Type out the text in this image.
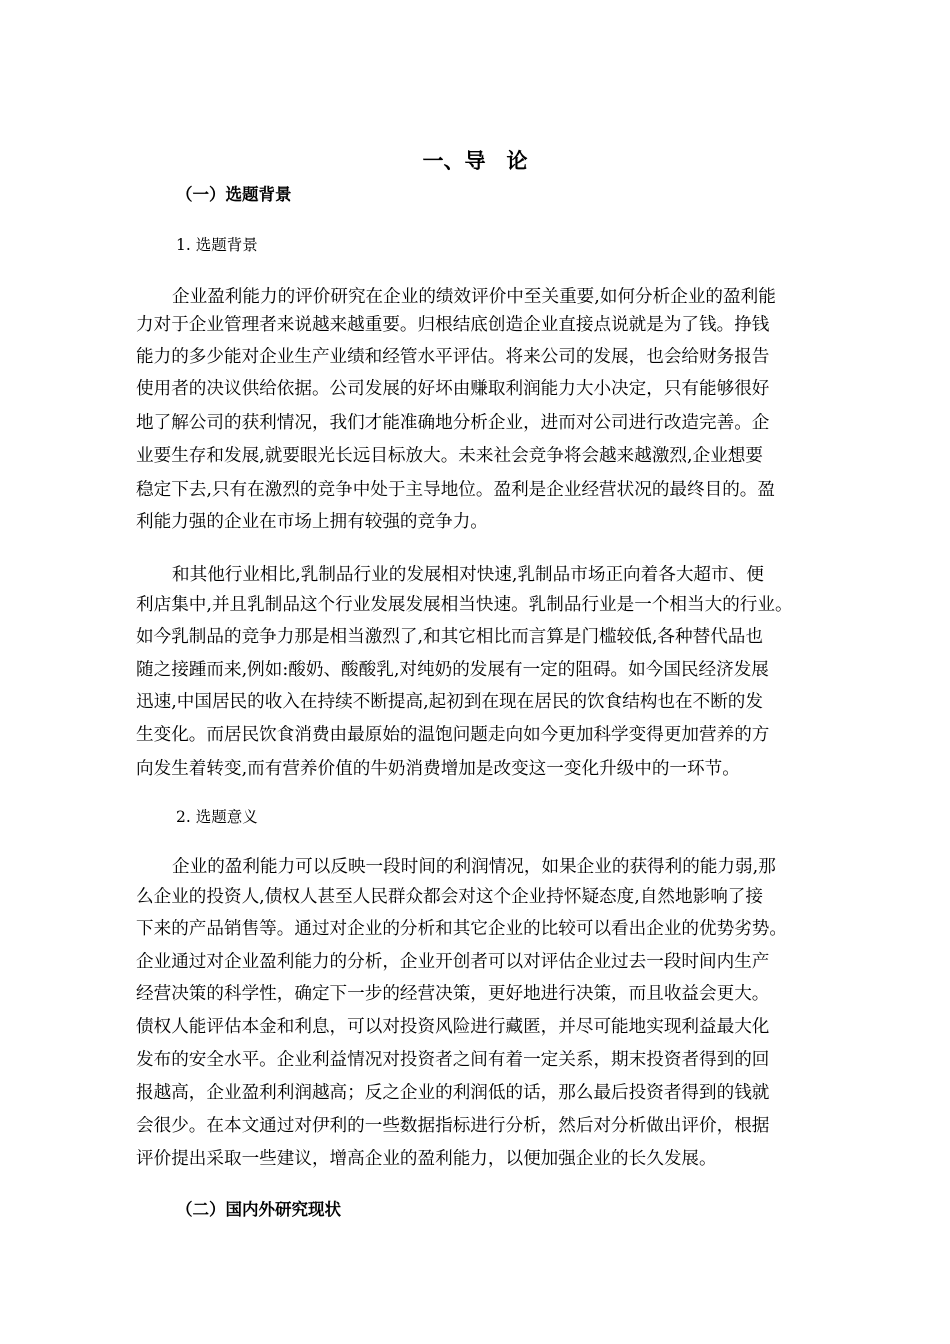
一、导　论
（一）选题背景
1. 选题背景
企业盈利能力的评价研究在企业的绩效评价中至关重要,如何分析企业的盈利能
力对于企业管理者来说越来越重要。归根结底创造企业直接点说就是为了钱。挣钱
能力的多少能对企业生产业绩和经管水平评估。将来公司的发展，也会给财务报告
使用者的决议供给依据。公司发展的好坏由赚取利润能力大小决定，只有能够很好
地了解公司的获利情况，我们才能准确地分析企业，进而对公司进行改造完善。企
业要生存和发展,就要眼光长远目标放大。未来社会竞争将会越来越激烈,企业想要
稳定下去,只有在激烈的竞争中处于主导地位。盈利是企业经营状况的最终目的。盈
利能力强的企业在市场上拥有较强的竞争力。
和其他行业相比,乳制品行业的发展相对快速,乳制品市场正向着各大超市、便
利店集中,并且乳制品这个行业发展发展相当快速。乳制品行业是一个相当大的行业。
如今乳制品的竞争力那是相当激烈了,和其它相比而言算是门槛较低,各种替代品也
随之接踵而来,例如:酸奶、酸酸乳,对纯奶的发展有一定的阻碍。如今国民经济发展
迅速,中国居民的收入在持续不断提高,起初到在现在居民的饮食结构也在不断的发
生变化。而居民饮食消费由最原始的温饱问题走向如今更加科学变得更加营养的方
向发生着转变,而有营养价值的牛奶消费增加是改变这一变化升级中的一环节。
2. 选题意义
企业的盈利能力可以反映一段时间的利润情况，如果企业的获得利的能力弱,那
么企业的投资人,债权人甚至人民群众都会对这个企业持怀疑态度,自然地影响了接
下来的产品销售等。通过对企业的分析和其它企业的比较可以看出企业的优势劣势。
企业通过对企业盈利能力的分析，企业开创者可以对评估企业过去一段时间内生产
经营决策的科学性，确定下一步的经营决策，更好地进行决策，而且收益会更大。
债权人能评估本金和利息，可以对投资风险进行藏匿，并尽可能地实现利益最大化
发布的安全水平。企业利益情况对投资者之间有着一定关系，期末投资者得到的回
报越高，企业盈利利润越高；反之企业的利润低的话，那么最后投资者得到的钱就
会很少。在本文通过对伊利的一些数据指标进行分析，然后对分析做出评价，根据
评价提出采取一些建议，增高企业的盈利能力，以便加强企业的长久发展。
（二）国内外研究现状
